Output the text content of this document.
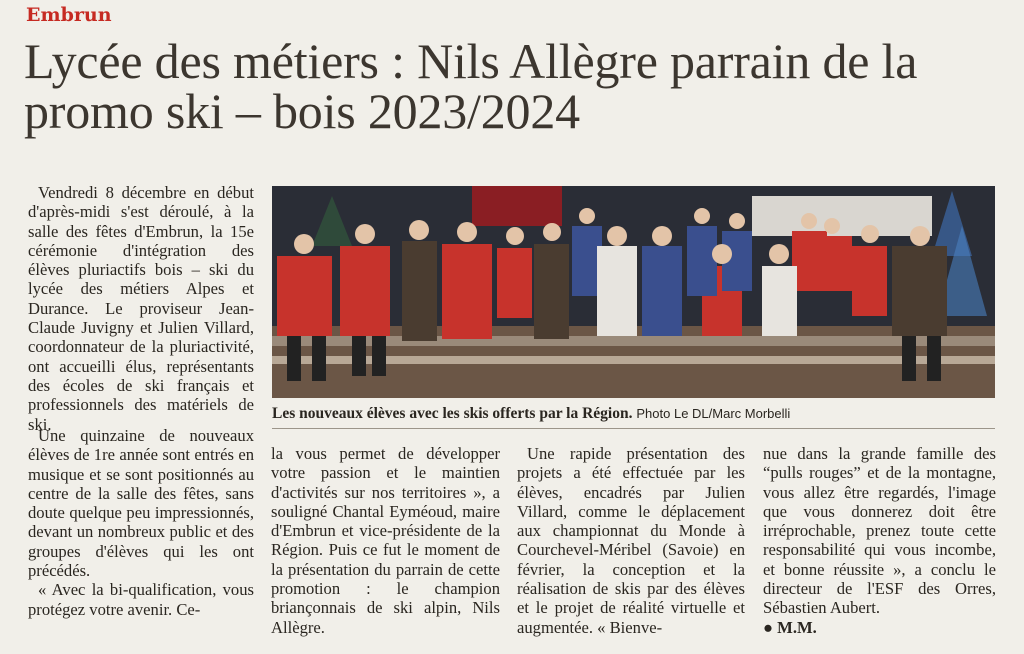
Embrun
Lycée des métiers : Nils Allègre parrain de la promo ski – bois 2023/2024

Vendredi 8 décembre en début d'après-midi s'est déroulé, à la salle des fêtes d'Embrun, la 15e cérémonie d'intégration des élèves pluriactifs bois – ski du lycée des métiers Alpes et Durance. Le proviseur Jean-Claude Juvigny et Julien Villard, coordonnateur de la pluriactivité, ont accueilli élus, représentants des écoles de ski français et professionnels des matériels de ski.

Une quinzaine de nouveaux élèves de 1re année sont entrés en musique et se sont positionnés au centre de la salle des fêtes, sans doute quelque peu impressionnés, devant un nombreux public et des groupes d'élèves qui les ont précédés.

« Avec la bi-qualification, vous protégez votre avenir. Ce-

Les nouveaux élèves avec les skis offerts par la Région. Photo Le DL/Marc Morbelli

la vous permet de développer votre passion et le maintien d'activités sur nos territoires », a souligné Chantal Eyméoud, maire d'Embrun et vice-présidente de la Région. Puis ce fut le moment de la présentation du parrain de cette promotion : le champion briançonnais de ski alpin, Nils Allègre.

Une rapide présentation des projets a été effectuée par les élèves, encadrés par Julien Villard, comme le déplacement aux championnat du Monde à Courchevel-Méribel (Savoie) en février, la conception et la réalisation de skis par des élèves et le projet de réalité virtuelle et augmentée. « Bienve-

nue dans la grande famille des “pulls rouges” et de la montagne, vous allez être regardés, l'image que vous donnerez doit être irréprochable, prenez toute cette responsabilité qui vous incombe, et bonne réussite », a conclu le directeur de l'ESF des Orres, Sébastien Aubert.

● M.M.
